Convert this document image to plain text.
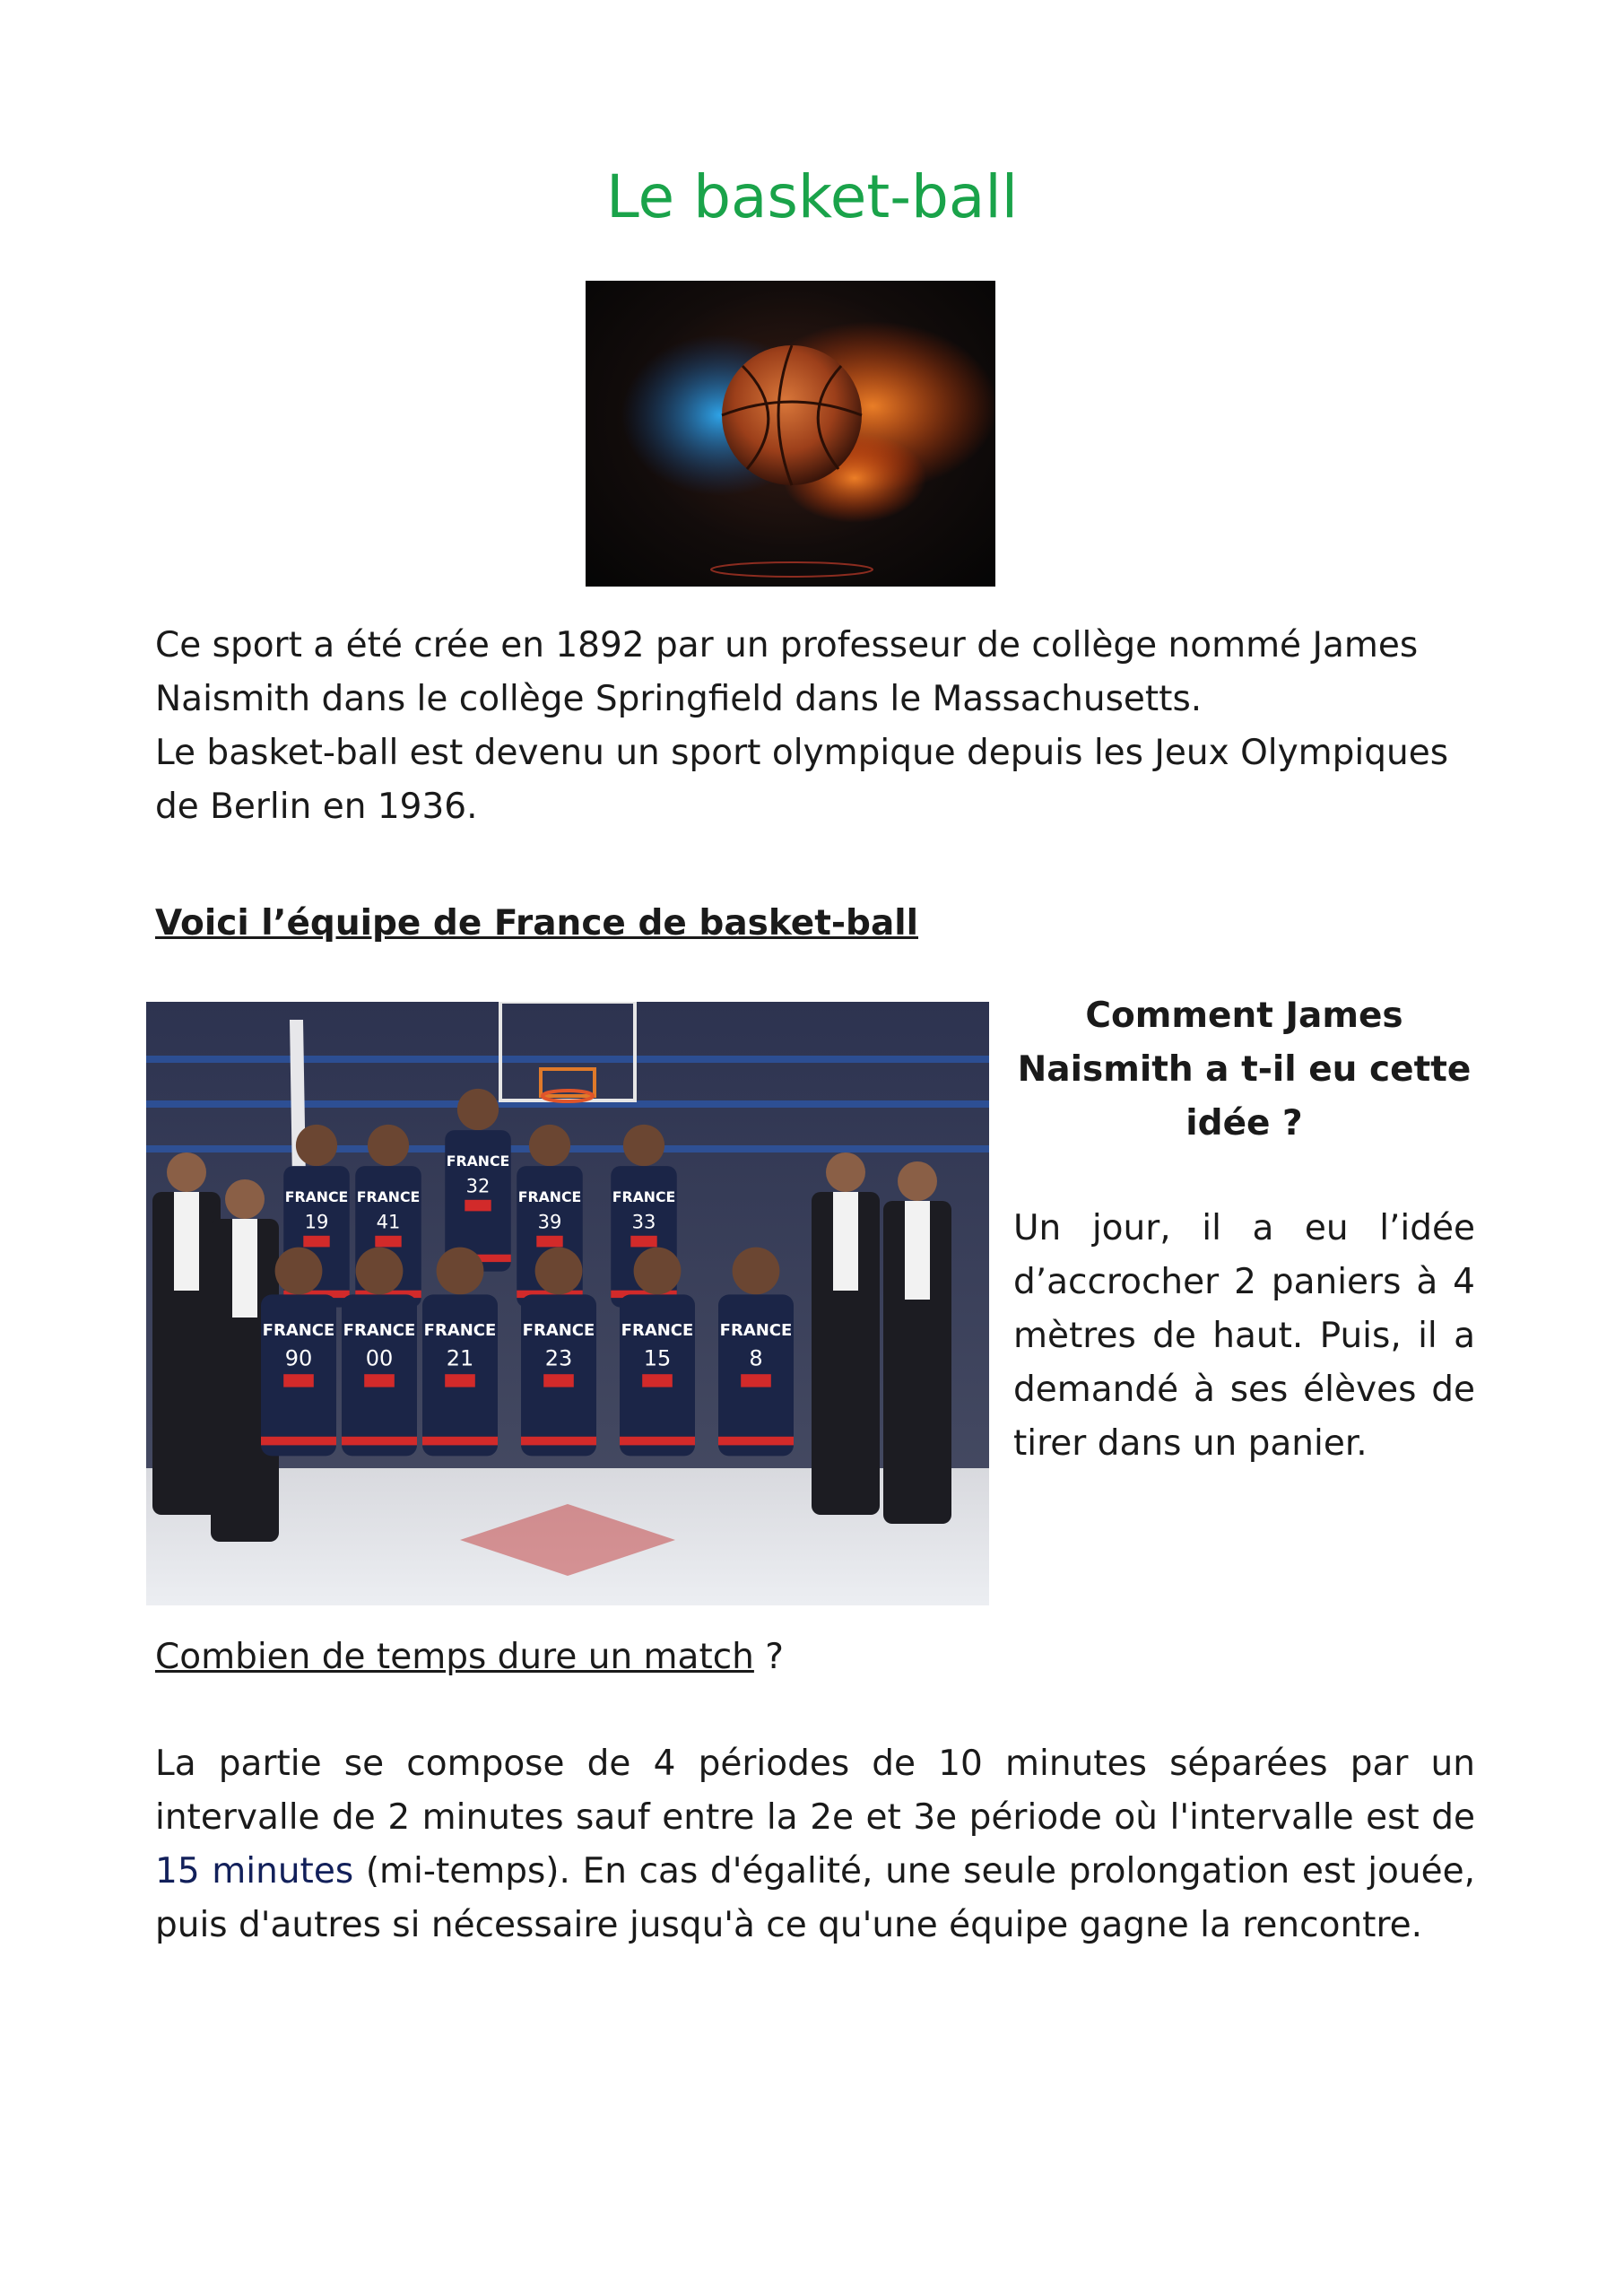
Le basket-ball
Ce sport a été crée en 1892 par un professeur de collège nommé James Naismith dans le collège Springfield dans le Massachusetts.
Le basket-ball est devenu un sport olympique depuis les Jeux Olympiques de Berlin en 1936.
Voici l’équipe de France de basket-ball
FRANCE
19
FRANCE
41
FRANCE
32
FRANCE
39
FRANCE
33
FRANCE
90
FRANCE
00
FRANCE
21
FRANCE
23
FRANCE
15
FRANCE
8
Comment James Naismith a t-il eu cette idée ?

Un jour, il a eu l’idée d’accrocher 2 paniers à 4 mètres de haut. Puis, il a demandé à ses élèves de tirer dans un panier.

Combien de temps dure un match ?

La partie se compose de 4 périodes de 10 minutes séparées par un intervalle de 2 minutes sauf entre la 2e et 3e période où l'intervalle est de 15 minutes (mi-temps). En cas d'égalité, une seule prolongation est jouée, puis d'autres si nécessaire jusqu'à ce qu'une équipe gagne la rencontre.
